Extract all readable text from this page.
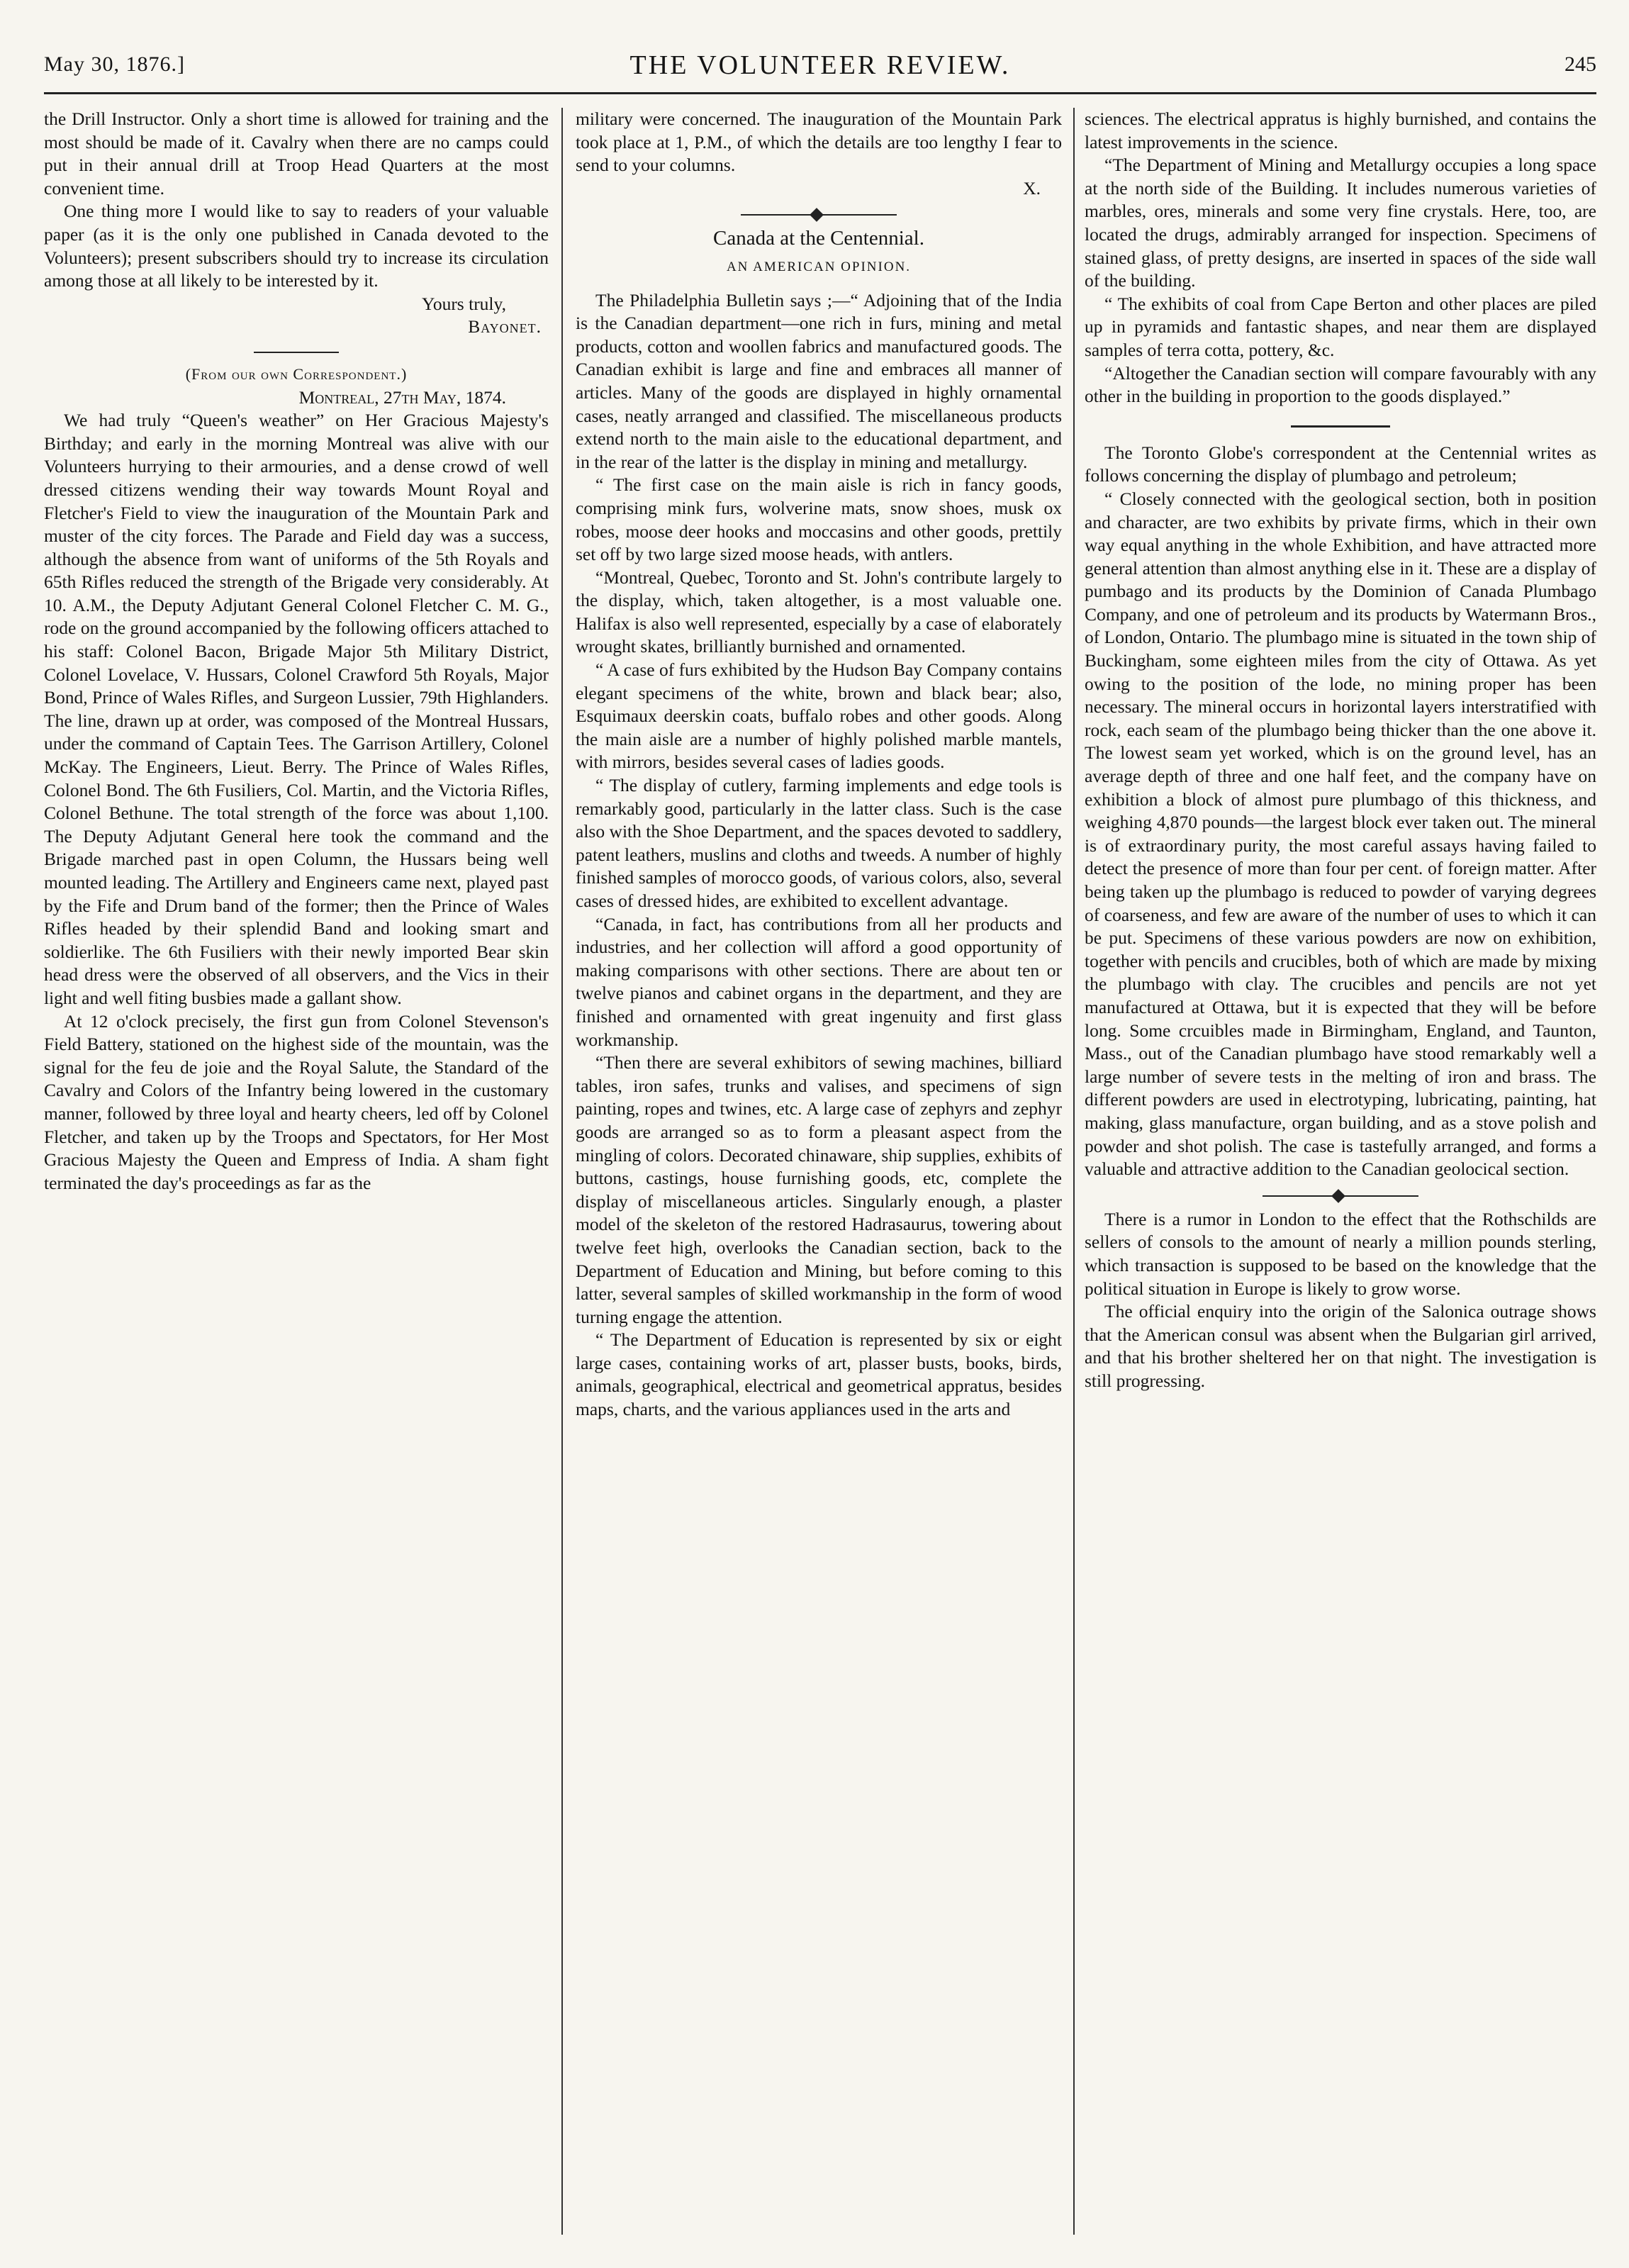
May 30, 1876.]	THE VOLUNTEER REVIEW.	245

the Drill Instructor. Only a short time is allowed for training and the most should be made of it. Cavalry when there are no camps could put in their annual drill at Troop Head Quarters at the most convenient time.

One thing more I would like to say to readers of your valuable paper (as it is the only one published in Canada devoted to the Volunteers); present subscribers should try to increase its circulation among those at all likely to be interested by it.

Yours truly,
Bayonet.
(From our own Correspondent.)
Montreal, 27th May, 1874.

We had truly “Queen's weather” on Her Gracious Majesty's Birthday; and early in the morning Montreal was alive with our Volunteers hurrying to their armouries, and a dense crowd of well dressed citizens wending their way towards Mount Royal and Fletcher's Field to view the inauguration of the Mountain Park and muster of the city forces. The Parade and Field day was a success, although the absence from want of uniforms of the 5th Royals and 65th Rifles reduced the strength of the Brigade very considerably. At 10. A.M., the Deputy Adjutant General Colonel Fletcher C. M. G., rode on the ground accompanied by the following officers attached to his staff: Colonel Bacon, Brigade Major 5th Military District, Colonel Lovelace, V. Hussars, Colonel Crawford 5th Royals, Major Bond, Prince of Wales Rifles, and Surgeon Lussier, 79th Highlanders. The line, drawn up at order, was composed of the Montreal Hussars, under the command of Captain Tees. The Garrison Artillery, Colonel McKay. The Engineers, Lieut. Berry. The Prince of Wales Rifles, Colonel Bond. The 6th Fusiliers, Col. Martin, and the Victoria Rifles, Colonel Bethune. The total strength of the force was about 1,100. The Deputy Adjutant General here took the command and the Brigade marched past in open Column, the Hussars being well mounted leading. The Artillery and Engineers came next, played past by the Fife and Drum band of the former; then the Prince of Wales Rifles headed by their splendid Band and looking smart and soldierlike. The 6th Fusiliers with their newly imported Bear skin head dress were the observed of all observers, and the Vics in their light and well fiting busbies made a gallant show.

At 12 o'clock precisely, the first gun from Colonel Stevenson's Field Battery, stationed on the highest side of the mountain, was the signal for the feu de joie and the Royal Salute, the Standard of the Cavalry and Colors of the Infantry being lowered in the customary manner, followed by three loyal and hearty cheers, led off by Colonel Fletcher, and taken up by the Troops and Spectators, for Her Most Gracious Majesty the Queen and Empress of India. A sham fight terminated the day's proceedings as far as the

military were concerned. The inauguration of the Mountain Park took place at 1, P.M., of which the details are too lengthy I fear to send to your columns.

X.
Canada at the Centennial.
AN AMERICAN OPINION.

The Philadelphia Bulletin says ;—“ Adjoining that of the India is the Canadian department—one rich in furs, mining and metal products, cotton and woollen fabrics and manufactured goods. The Canadian exhibit is large and fine and embraces all manner of articles. Many of the goods are displayed in highly ornamental cases, neatly arranged and classified. The miscellaneous products extend north to the main aisle to the educational department, and in the rear of the latter is the display in mining and metallurgy.

“ The first case on the main aisle is rich in fancy goods, comprising mink furs, wolverine mats, snow shoes, musk ox robes, moose deer hooks and moccasins and other goods, prettily set off by two large sized moose heads, with antlers.

“Montreal, Quebec, Toronto and St. John's contribute largely to the display, which, taken altogether, is a most valuable one. Halifax is also well represented, especially by a case of elaborately wrought skates, brilliantly burnished and ornamented.

“ A case of furs exhibited by the Hudson Bay Company contains elegant specimens of the white, brown and black bear; also, Esquimaux deerskin coats, buffalo robes and other goods. Along the main aisle are a number of highly polished marble mantels, with mirrors, besides several cases of ladies goods.

“ The display of cutlery, farming implements and edge tools is remarkably good, particularly in the latter class. Such is the case also with the Shoe Department, and the spaces devoted to saddlery, patent leathers, muslins and cloths and tweeds. A number of highly finished samples of morocco goods, of various colors, also, several cases of dressed hides, are exhibited to excellent advantage.

“Canada, in fact, has contributions from all her products and industries, and her collection will afford a good opportunity of making comparisons with other sections. There are about ten or twelve pianos and cabinet organs in the department, and they are finished and ornamented with great ingenuity and first glass workmanship.

“Then there are several exhibitors of sewing machines, billiard tables, iron safes, trunks and valises, and specimens of sign painting, ropes and twines, etc. A large case of zephyrs and zephyr goods are arranged so as to form a pleasant aspect from the mingling of colors. Decorated chinaware, ship supplies, exhibits of buttons, castings, house furnishing goods, etc, complete the display of miscellaneous articles. Singularly enough, a plaster model of the skeleton of the restored Hadrasaurus, towering about twelve feet high, overlooks the Canadian section, back to the Department of Education and Mining, but before coming to this latter, several samples of skilled workmanship in the form of wood turning engage the attention.

“ The Department of Education is represented by six or eight large cases, containing works of art, plasser busts, books, birds, animals, geographical, electrical and geometrical appratus, besides maps, charts, and the various appliances used in the arts and

sciences. The electrical appratus is highly burnished, and contains the latest improvements in the science.

“The Department of Mining and Metallurgy occupies a long space at the north side of the Building. It includes numerous varieties of marbles, ores, minerals and some very fine crystals. Here, too, are located the drugs, admirably arranged for inspection. Specimens of stained glass, of pretty designs, are inserted in spaces of the side wall of the building.

“ The exhibits of coal from Cape Berton and other places are piled up in pyramids and fantastic shapes, and near them are displayed samples of terra cotta, pottery, &c.

“Altogether the Canadian section will compare favourably with any other in the building in proportion to the goods displayed.”

The Toronto Globe's correspondent at the Centennial writes as follows concerning the display of plumbago and petroleum;

“ Closely connected with the geological section, both in position and character, are two exhibits by private firms, which in their own way equal anything in the whole Exhibition, and have attracted more general attention than almost anything else in it. These are a display of pumbago and its products by the Dominion of Canada Plumbago Company, and one of petroleum and its products by Watermann Bros., of London, Ontario. The plumbago mine is situated in the town ship of Buckingham, some eighteen miles from the city of Ottawa. As yet owing to the position of the lode, no mining proper has been necessary. The mineral occurs in horizontal layers interstratified with rock, each seam of the plumbago being thicker than the one above it. The lowest seam yet worked, which is on the ground level, has an average depth of three and one half feet, and the company have on exhibition a block of almost pure plumbago of this thickness, and weighing 4,870 pounds—the largest block ever taken out. The mineral is of extraordinary purity, the most careful assays having failed to detect the presence of more than four per cent. of foreign matter. After being taken up the plumbago is reduced to powder of varying degrees of coarseness, and few are aware of the number of uses to which it can be put. Specimens of these various powders are now on exhibition, together with pencils and crucibles, both of which are made by mixing the plumbago with clay. The crucibles and pencils are not yet manufactured at Ottawa, but it is expected that they will be before long. Some crcuibles made in Birmingham, England, and Taunton, Mass., out of the Canadian plumbago have stood remarkably well a large number of severe tests in the melting of iron and brass. The different powders are used in electrotyping, lubricating, painting, hat making, glass manufacture, organ building, and as a stove polish and powder and shot polish. The case is tastefully arranged, and forms a valuable and attractive addition to the Canadian geolocical section.

There is a rumor in London to the effect that the Rothschilds are sellers of consols to the amount of nearly a million pounds sterling, which transaction is supposed to be based on the knowledge that the political situation in Europe is likely to grow worse.

The official enquiry into the origin of the Salonica outrage shows that the American consul was absent when the Bulgarian girl arrived, and that his brother sheltered her on that night. The investigation is still progressing.
